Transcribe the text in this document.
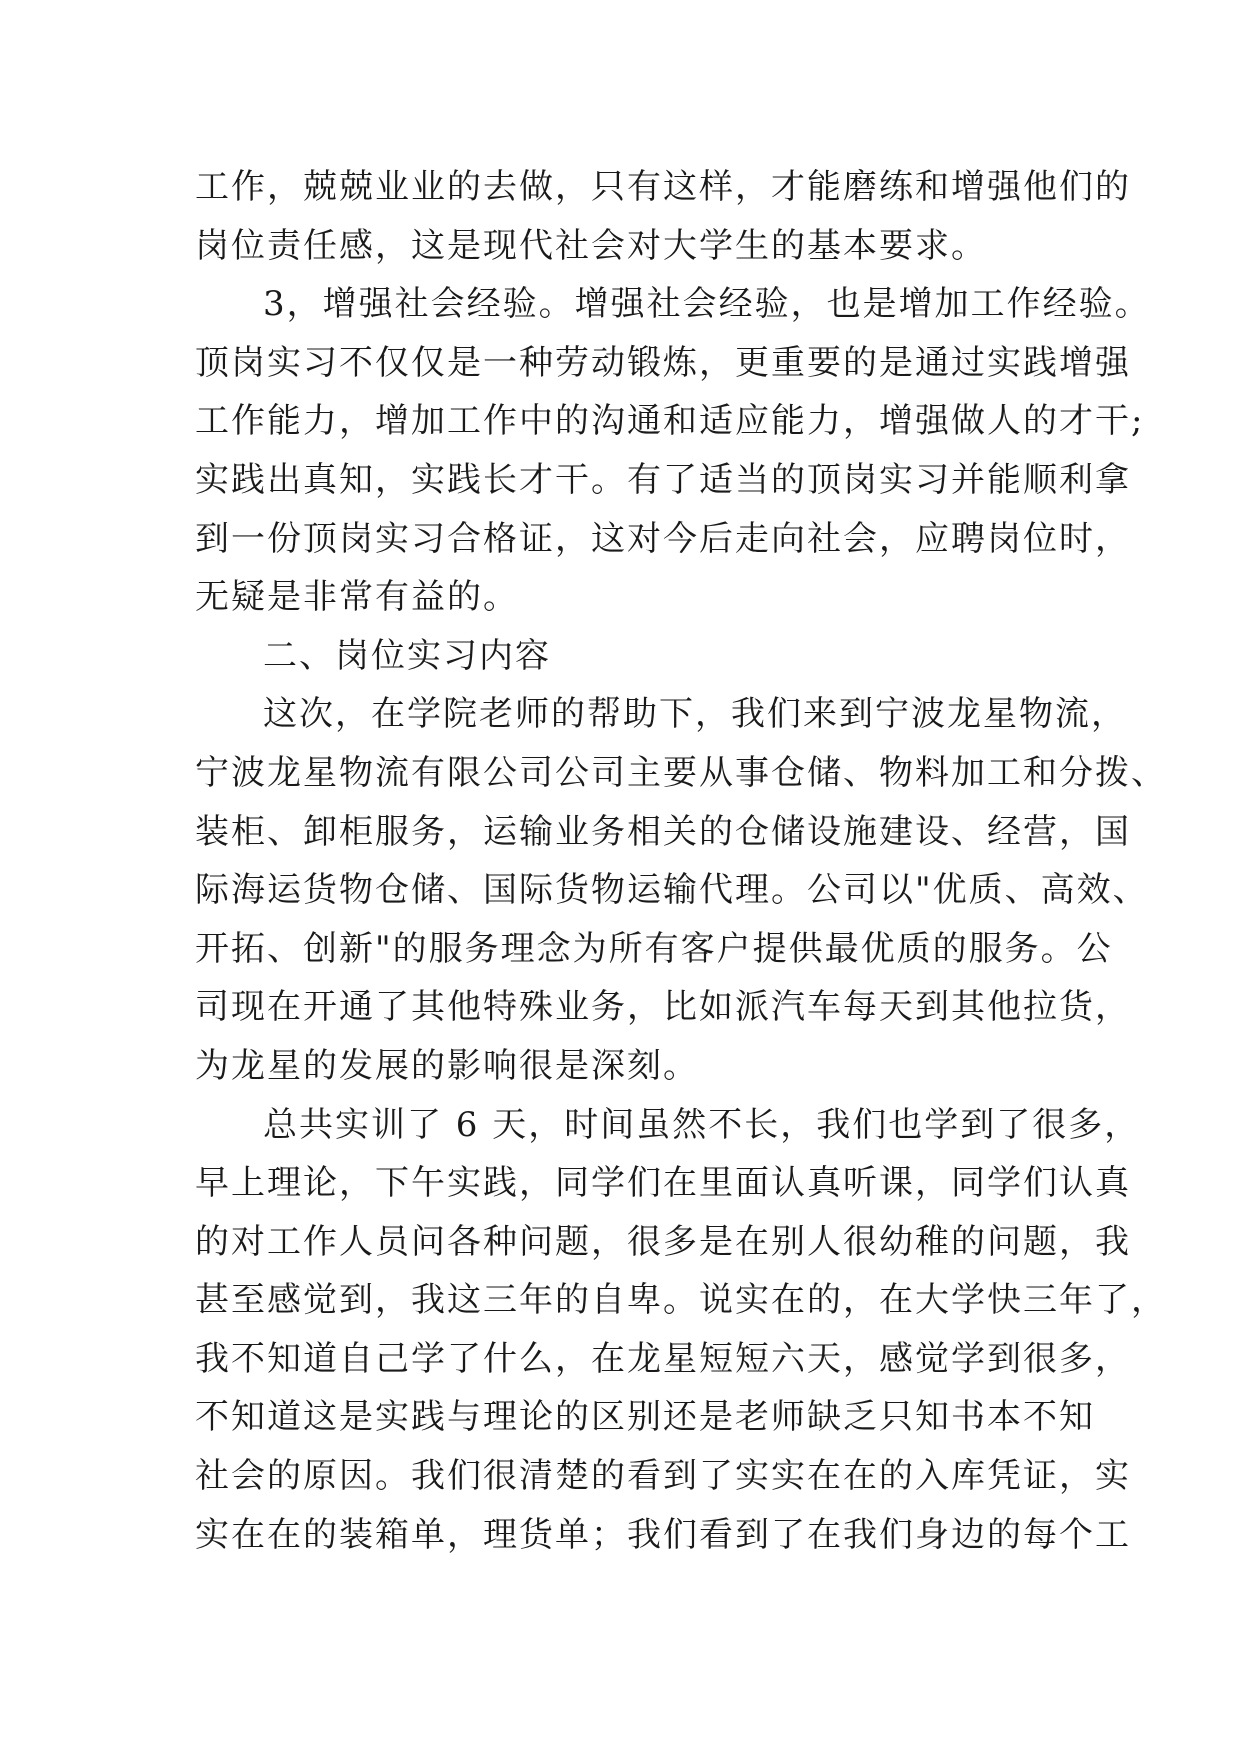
工作，兢兢业业的去做，只有这样，才能磨练和增强他们的
岗位责任感，这是现代社会对大学生的基本要求。
3，增强社会经验。增强社会经验，也是增加工作经验。
顶岗实习不仅仅是一种劳动锻炼，更重要的是通过实践增强
工作能力，增加工作中的沟通和适应能力，增强做人的才干;
实践出真知，实践长才干。有了适当的顶岗实习并能顺利拿
到一份顶岗实习合格证，这对今后走向社会，应聘岗位时，
无疑是非常有益的。
二、岗位实习内容
这次，在学院老师的帮助下，我们来到宁波龙星物流，
宁波龙星物流有限公司公司主要从事仓储、物料加工和分拨、
装柜、卸柜服务，运输业务相关的仓储设施建设、经营，国
际海运货物仓储、国际货物运输代理。公司以"优质、高效、
开拓、创新"的服务理念为所有客户提供最优质的服务。公
司现在开通了其他特殊业务，比如派汽车每天到其他拉货，
为龙星的发展的影响很是深刻。
总共实训了 6 天，时间虽然不长，我们也学到了很多，
早上理论，下午实践，同学们在里面认真听课，同学们认真
的对工作人员问各种问题，很多是在别人很幼稚的问题，我
甚至感觉到，我这三年的自卑。说实在的，在大学快三年了，
我不知道自己学了什么，在龙星短短六天，感觉学到很多，
不知道这是实践与理论的区别还是老师缺乏只知书本不知
社会的原因。我们很清楚的看到了实实在在的入库凭证，实
实在在的装箱单，理货单；我们看到了在我们身边的每个工
